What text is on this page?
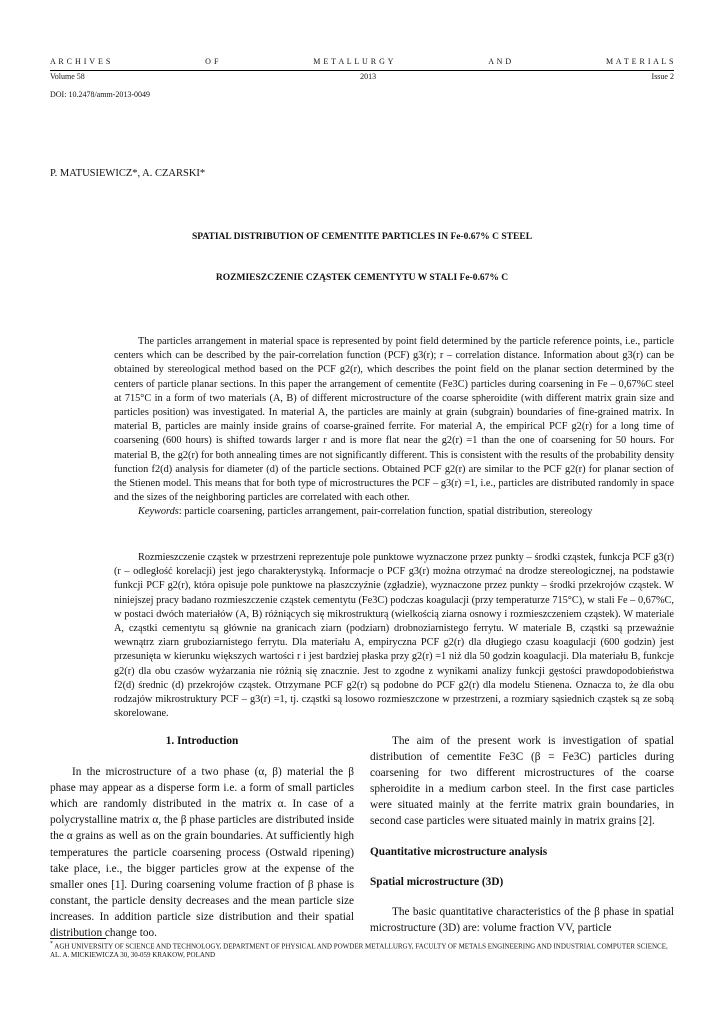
A R C H I V E S	O F	M E T A L L U R G Y	A N D	M A T E R I A L S
Volume 58	2013	Issue 2
DOI: 10.2478/amm-2013-0049
P. MATUSIEWICZ*, A. CZARSKI*
SPATIAL DISTRIBUTION OF CEMENTITE PARTICLES IN Fe-0.67% C STEEL
ROZMIESZCZENIE CZĄSTEK CEMENTYTU W STALI Fe-0.67% C

The particles arrangement in material space is represented by point field determined by the particle reference points, i.e., particle centers which can be described by the pair-correlation function (PCF) g3(r); r – correlation distance. Information about g3(r) can be obtained by stereological method based on the PCF g2(r), which describes the point field on the planar section determined by the centers of particle planar sections. In this paper the arrangement of cementite (Fe3C) particles during coarsening in Fe – 0,67%C steel at 715°C in a form of two materials (A, B) of different microstructure of the coarse spheroidite (with different matrix grain size and particles position) was investigated. In material A, the particles are mainly at grain (subgrain) boundaries of fine-grained matrix. In material B, particles are mainly inside grains of coarse-grained ferrite. For material A, the empirical PCF g2(r) for a long time of coarsening (600 hours) is shifted towards larger r and is more flat near the g2(r) =1 than the one of coarsening for 50 hours. For material B, the g2(r) for both annealing times are not significantly different. This is consistent with the results of the probability density function f2(d) analysis for diameter (d) of the particle sections. Obtained PCF g2(r) are similar to the PCF g2(r) for planar section of the Stienen model. This means that for both type of microstructures the PCF – g3(r) =1, i.e., particles are distributed randomly in space and the sizes of the neighboring particles are correlated with each other.

Keywords: particle coarsening, particles arrangement, pair-correlation function, spatial distribution, stereology

Rozmieszczenie cząstek w przestrzeni reprezentuje pole punktowe wyznaczone przez punkty – środki cząstek, funkcja PCF g3(r) (r – odległość korelacji) jest jego charakterystyką. Informacje o PCF g3(r) można otrzymać na drodze stereologicznej, na podstawie funkcji PCF g2(r), która opisuje pole punktowe na płaszczyźnie (zgładzie), wyznaczone przez punkty – środki przekrojów cząstek. W niniejszej pracy badano rozmieszczenie cząstek cementytu (Fe3C) podczas koagulacji (przy temperaturze 715°C), w stali Fe – 0,67%C, w postaci dwóch materiałów (A, B) różniących się mikrostrukturą (wielkością ziarna osnowy i rozmieszczeniem cząstek). W materiale A, cząstki cementytu są głównie na granicach ziarn (podziarn) drobnoziarnistego ferrytu. W materiale B, cząstki są przeważnie wewnątrz ziarn gruboziarnistego ferrytu. Dla materiału A, empiryczna PCF g2(r) dla długiego czasu koagulacji (600 godzin) jest przesunięta w kierunku większych wartości r i jest bardziej płaska przy g2(r) =1 niż dla 50 godzin koagulacji. Dla materiału B, funkcje g2(r) dla obu czasów wyżarzania nie różnią się znacznie. Jest to zgodne z wynikami analizy funkcji gęstości prawdopodobieństwa f2(d) średnic (d) przekrojów cząstek. Otrzymane PCF g2(r) są podobne do PCF g2(r) dla modelu Stienena. Oznacza to, że dla obu rodzajów mikrostruktury PCF – g3(r) =1, tj. cząstki są losowo rozmieszczone w przestrzeni, a rozmiary sąsiednich cząstek są ze sobą skorelowane.

1. Introduction

In the microstructure of a two phase (α, β) material the β phase may appear as a disperse form i.e. a form of small particles which are randomly distributed in the matrix α. In case of a polycrystalline matrix α, the β phase particles are distributed inside the α grains as well as on the grain boundaries. At sufficiently high temperatures the particle coarsening process (Ostwald ripening) take place, i.e., the bigger particles grow at the expense of the smaller ones [1]. During coarsening volume fraction of β phase is constant, the particle density decreases and the mean particle size increases. In addition particle size distribution and their spatial distribution change too.

The aim of the present work is investigation of spatial distribution of cementite Fe3C (β = Fe3C) particles during coarsening for two different microstructures of the coarse spheroidite in a medium carbon steel. In the first case particles were situated mainly at the ferrite matrix grain boundaries, in second case particles were situated mainly in matrix grains [2].

Quantitative microstructure analysis

Spatial microstructure (3D)

The basic quantitative characteristics of the β phase in spatial microstructure (3D) are: volume fraction VV, particle

* AGH UNIVERSITY OF SCIENCE AND TECHNOLOGY, DEPARTMENT OF PHYSICAL AND POWDER METALLURGY, FACULTY OF METALS ENGINEERING AND INDUSTRIAL COMPUTER SCIENCE, AL. A. MICKIEWICZA 30, 30-059 KRAKOW, POLAND
